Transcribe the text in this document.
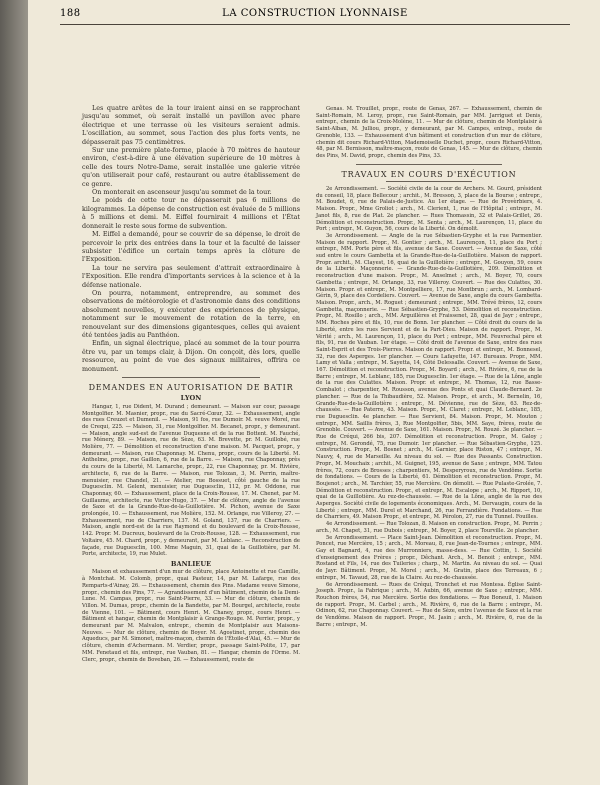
188	LA CONSTRUCTION LYONNAISE

Les quatre arêtes de la tour iraient ainsi en se rapprochant jusqu'au sommet, où serait installé un pavillon avec phare électrique et une terrasse où les visiteurs seraient admis. L'oscillation, au sommet, sous l'action des plus forts vents, ne dépasserait pas 75 centimètres.

Sur une première plate-forme, placée à 70 mètres de hauteur environ, c'est-à-dire à une élévation supérieure de 10 mètres à celle des tours Notre-Dame, serait installée une galerie vitrée qu'on utiliserait pour café, restaurant ou autre établissement de ce genre.

On monterait en ascenseur jusqu'au sommet de la tour.

Le poids de cette tour ne dépasserait pas 6 millions de kilogrammes. La dépense de construction est évaluée de 5 millions à 5 millions et demi. M. Eiffel fournirait 4 millions et l'État donnerait le reste sous forme de subvention.

M. Eiffel a demandé, pour se couvrir de sa dépense, le droit de percevoir le prix des entrées dans la tour et la faculté de laisser subsister l'édifice un certain temps après la clôture de l'Exposition.

La tour ne servira pas seulement d'attrait extraordinaire à l'Exposition. Elle rendra d'importants services à la science et à la défense nationale.

On pourra, notamment, entreprendre, au sommet des observations de météorologie et d'astronomie dans des conditions absolument nouvelles, y exécuter des expériences de physique, notamment sur le mouvement de rotation de la terre, en renouvelant sur des dimensions gigantesques, celles qui avaient été tentées jadis au Panthéon.

Enfin, un signal électrique, placé au sommet de la tour pourra être vu, par un temps clair, à Dijon. On conçoit, dès lors, quelle ressource, au point de vue des signaux militaires, offrira ce monument.

DEMANDES EN AUTORISATION DE BATIR
LYON

Hangar, 1, rue Dident, M. Durand ; demeurant. — Maison sur cour, passage Montgolfier. M. Masnier, propr., rue du Sacré-Cœur, 32. — Exhaussement, angle des rues Creuzet et Dumenil. — Maison, 91 fos, rue Dumoir. M. veuve Morel, rue de Crequi, 225. — Maison, 31, rue Montgolfier. M. Becanet, propr., y demeurant. — Maison, angle sud-est de l'avenue Duquesne et de la rue Bottent. M. Fauché, rue Ménery, 89. — Maison, rue de Sèze, 63. M. Brevette, pr. M. Guillobé, rue Molière, 77. — Démolition et reconstruction d'une maison. M. Pacquet, propr., y demeurant. — Maison, rue Chaponnay. M. Chenu, propr., cours de la Liberté. M. Anthelme, propr., rue Gaillon, 6, rue de la Barre. — Maison, rue Chaponnay, près du cours de la Liberté, M. Lamarche, propr., 22, rue Chaponnay, pr. M. Rivière, architecte, 6, rue de la Barre. — Maison, rue Tolozan, 3, M. Perrin, maître-menuisier, rue Chandel, 21. — Atelier, rue Bossuet, côté gauche de la rue Duguesclin. M. Gelent, menuisier, rue Duguesclin, 112, pr. M. Oddone, rue Chaponnay, 60. — Exhaussement, place de la Croix-Rousse, 17. M. Chenet, par M. Guillaume, architecte, rue Victor-Hugo, 37. — Mur de clôture, angle de l'avenue de Saxe et de la Grande-Rue-de-la-Guillotière. M. Pichon, avenue de Saxe prolongée, 10. — Exhaussement, rue Molière, 152. M. Orlange, rue Villeroy, 27. — Exhaussement, rue de Charriers, 137. M. Goland, 137, rue de Charriers. — Maison, angle nord-est de la rue Raymond et du boulevard de la Croix-Rousse, 142. Propr. M. Ducreux, boulevard de la Croix-Rousse, 128. — Exhaussement, rue Voltaire, 45. M. Chard, propr., y demeurant, par M. Leblanc. — Reconstruction de façade, rue Duguesclin, 100. Mme Maguin, 31, quai de la Guillotière, par M. Porte, architecte, 19, rue Mulet.

BANLIEUE

Maison et exhaussement d'un mur de clôture, place Antoinette et rue Camille, à Montchat. M. Colomb, propr., quai Pasteur, 14, par M. Lafarge, rue des Remparts-d'Ainay, 26. — Exhaussement, chemin des Pins. Madame veuve Simone, propr., chemin des Pins, 77. — Agrandissement d'un bâtiment, chemin de la Demi-Lune. M. Campas, propr., rue Saint-Pierre, 33. — Mur de clôture, chemin de Villon. M. Dumas, propr., chemin de la Bandette, par M. Bourgel, architecte, route de Vienne, 101. — Bâtiment, cours Henri. M. Chaney, propr., cours Henri. — Bâtiment et hangar, chemin de Montplaisir à Grange-Rouge. M. Perrier, propr., y demeurant par M. Malvalon, entrepr., chemin de Montplaisir aux Maisons-Neuves. — Mur de clôture, chemin de Boyer. M. Agostinet, propr., chemin des Aqueducs, par M. Simonet, maître-maçon, chemin de l'Étoile-d'Alai, 45. — Mur de clôture, chemin d'Achermann. M. Verdier, propr., passage Saint-Polite, 17, par MM. Fenetaud et fils, entrepr., rue Vauban, 81. — Hangar, chemin de l'Orme. M. Clerc, propr., chemin de Boveban, 26. — Exhaussement, route de

Genas. M. Trouillet, propr., route de Genas, 267. — Exhaussement, chemin de Saint-Romain, M. Leroy, propr., rue Saint-Romain, par MM. Jarriguet et Denis, entrepr., chemin de la Croix-Molène, 11. — Mur de clôture, chemin de Montplaisir à Saint-Alban, M. Julliou, propr., y demeurant, par M. Campes, entrep., route de Grenoble, 133. — Exhaussement d'un bâtiment et construction d'un mur de clôture, chemin dit cours Richard-Vitton, Mademoiselle Duchet, propr., cours Richard-Vitton, 48, par M. Bernisson, maître-maçon, route de Genas, 145. — Mur de clôture, chemin des Pins, M. David, propr., chemin des Pins, 33.

TRAVAUX EN COURS D'EXÉCUTION

2e Arrondissement. — Société civile de la cour de Archers. M. Gourd, président du conseil, 18, place Bellecour ; archit., M. Bresson, 3, place de la Bourse ; entrepr., M. Boudet, 6, rue de Palais-de-Justice. Au 1er étage. — Rue de Provèrbiers, 4. Maison. Propr., Mme Groliot ; arch., M. Clerient, 1, rue de l'Hôpital ; entrepr., M. Janot fils, 8, rue de Plat. 2e plancher. — Rues Thomassin, 32 et Palais-Grillet, 26. Démolition et reconstruction. Propr., M. Senta ; arch., M. Laurençon, 11, place du Port ; entrepr., M. Guyon, 56, cours de la Liberté. On démolit.

3e Arrondissement. — Angle de la rue Sébastien-Gryphe et la rue Parmentier. Maison de rapport. Propr., M. Gontier ; arch., M. Laurençon, 11, place du Port ; entrepr., MM. Porte père et fils, avenue de Saxe. Couvert. — Avenue de Saxe, côté sud entre le cours Gambetta et la Grande-Rue-de-la-Guillotière. Maison de rapport. Propr. archit., M. Clayest, 16, quai de la Guillotière ; entrepr., M. Gouyon, 59, cours de la Liberté. Maçonnerie. — Grande-Rue-de-la-Guillotière, 209. Démolition et reconstruction d'une maison. Propr., M. Anselmet ; arch., M. Boyer, 70, cours Gambetta ; entrepr., M. Ortange, 33, rue Villeroy. Couvert. — Rue des Culattes, 30. Maison. Propr. et entrepr., M. Montpelliere, 17, rue Montbrun ; arch., M. Lombard-Gérin, 9, place des Cordeliers. Couvert. — Avenue de Saxe, angle du cours Gambetta. Maison. Propr., arch., M. Roguet ; demeurant ; entrepr., MM. Trévé frères, 12, cours Gambetta, maçonnerie. — Rue Sébastien-Gryphe, 53. Démolition et reconstruction. Propr., M. Rosillo ; arch., MM. Arguillères et Fraissenet, 28, quai de Jayr ; entrepr., MM. Roches père et fils, 10, rue de Bonn. 1er plancher. — Côté droit du cours de la Liberté, entre les rues Servient et de la Part-Dieu. Maison de rapport. Propr., M. Vérité ; arch., M. Laurençon, 11, place du Port ; entrepr., MM. Feuvrechal père et fils, 91, rue de Vauban. 1er étage. — Côté droit de l'avenue de Saxe, entre des rues Saint-Esprit et des Trois-Pierres. Maison de rapport. Propr. et entrepr., M. Bonnesel, 32, rue des Asperges. 1er plancher. — Cours Lafayette, 147. Bureaux. Propr., MM. Lamy et Valla ; entrepr., M. Sayetta, 14, Côté Delessalle. Couvert. — Avenue de Saxe, 167. Démolition et reconstruction. Propr., M. Boyard ; arch., M. Rivière, 6, rue de la Barre ; entrepr., M. Leblanc, 185, rue Duguesclin. 1er étage. — Rue de la Lône, angle de la rue des Culattes. Maison. Propr. et entrepr., M. Thomas, 12, rue Basse-Combalot ; charpentier, M. Rousson, avenue des Ponts et quai Claude-Bernard. 2e plancher. — Rue de la Thibaudière, 52. Maison. Propr., et arch., M. Bernelin, 16, Grande-Rue-de-la-Guillotière ; entrepr., M. Dévienne, rue de Sèze, 63. Rez-de-chaussée. — Rue Paterre, 43. Maison. Propr., M. Claret ; entrepr., M. Leblanc, 185, rue Duguesclin. 4e plancher. — Rue Servient, 84. Maison. Propr., M. Mouton ; entrepr., MM. Saillis frères, 3, Rue Montgolfier, 5bis, MM. Saye, frères, route de Grenoble. Couvert. — Avenue de Saxe, 161. Maison. Propr., M. Rouzé. 3e plancher. — Rue de Créqui, 266 bis, 207. Démolition et reconstruction. Propr., M. Galoy ; entrepr., M. Gerondé, 75, rue Dumoir. 1er plancher. — Rue Sébastien-Gryphe, 125. Construction. Propr., M. Bosnet ; arch., M. Garnier, place Riston, 47 ; entrepr., M. Nauvy, 4, rue de Marseille. Au niveau du sol. — Rue des Passants. Construction. Propr., M. Mouchaix ; archit., M. Guignet, 195, avenue de Saxe ; entrepr., MM. Tatou frères, 72, cours de Brosses ; charpentiers, M. Desperyroux, rue de Vendôme. Sortie de fondations. — Cours de la Liberté, 61. Démolition et reconstruction. Propr., M. Boujenot ; arch., M. Tarchier, 55, rue Mercière. On démolit. — Rue Pulaste-Grolée, 7. Démolition et reconstruction. Propr., et entrepr., M. Escalope ; arch., M. Ripport, 10, quai de la Guillotière. Au rez-de-chaussée. — Rue de la Lône, angle de la rue des Asperges. Société civile de logements économiques. Arch., M. Dervaugin, cours de la Liberté ; entrepr., MM. Durel et Marchand, 26, rue Ferrandière. Fondations. — Rue de Charriers, 49. Maison Propr., et entrepr., M. Pérolon, 27, rue du Tunnel. Fouilles.

4e Arrondissement. — Rue Tolozan, 8. Maison en construction. Propr., M. Perrin ; arch., M. Chapet, 31, rue Dubois ; entrepr., M. Boyer, 2, place Tourville. 2e plancher.

5e Arrondissement. — Place Saint-Jean. Démolition et reconstruction. Propr., M. Poncet, rue Mercière, 15 ; arch., M. Moreau, 8, rue Jean-de-Tournes ; entrepr., MM. Gay et Bagnard, 4, rue des Murronniers, masse-dess. — Rue Cottin, 1. Société d'enseignement des Frères ; propr., Dêchant. Arch., M. Benoit ; entrepr., MM. Rostand et Fils, 14, rue des Tuileries ; charp., M. Martin. Au niveau du sol. — Quai de Jayr. Bâtiment. Propr., M. Morel ; arch., M. Gratin, place des Terreaux, 6 ; entrepr., M. Tavaud, 28, rue de la Claire. Au rez-de-chaussée.

6e Arrondissement. — Rues de Créqui, Tronchet et rue Montesa. Église Saint-Joseph. Propr., la Fabrique ; arch., M. Aubin, 66, avenue de Saxe ; entrepr., MM. Rouchon frères, 54, rue Mercière. Sortie des fondations. — Rue Boneuil, 1. Maison de rapport. Propr., M. Carbel ; arch., M. Rivière, 6, rue de la Barre ; entrepr., M. Odinon, 62, rue Chaponnay. Couvert. — Rue de Sèze, entre l'avenue de Saxe et la rue de Vendôme. Maison de rapport. Propr., M. Jasin ; arch., M. Rivière, 6, rue de la Barre ; entrepr., M.
